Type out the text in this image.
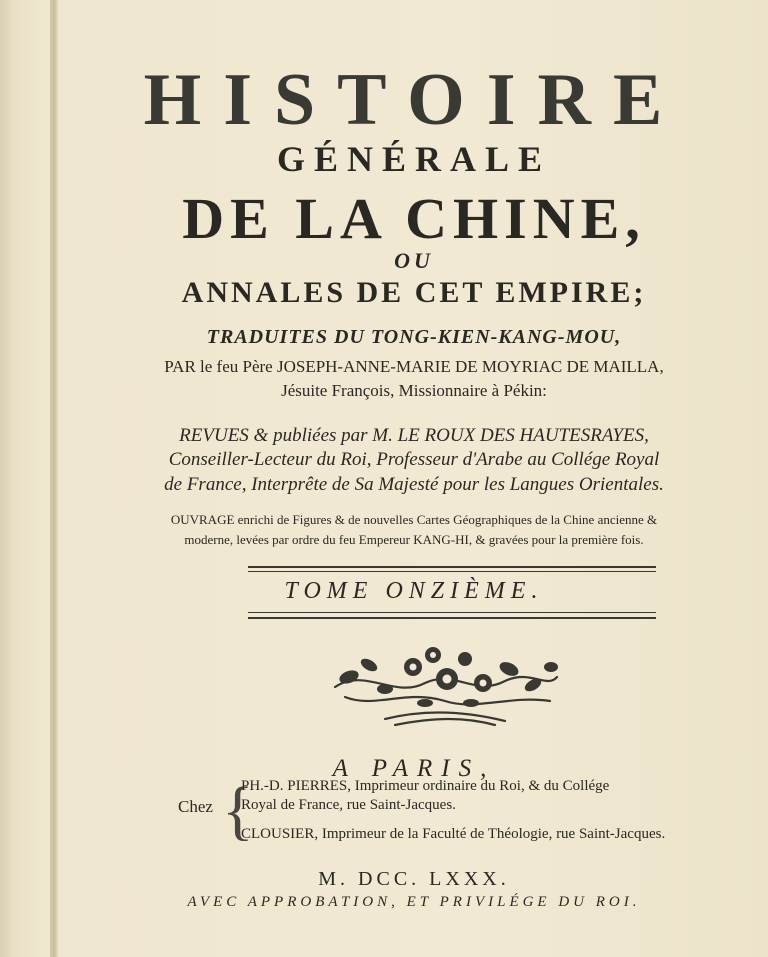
HISTOIRE
GÉNÉRALE
DE LA CHINE,
OU
ANNALES DE CET EMPIRE;
TRADUITES DU TONG-KIEN-KANG-MOU,
PAR le feu Père JOSEPH-ANNE-MARIE DE MOYRIAC DE MAILLA,
Jésuite François, Missionnaire à Pékin:
REVUES & publiées par M. LE ROUX DES HAUTESRAYES,
Conseiller-Lecteur du Roi, Professeur d'Arabe au Collége Royal
de France, Interprête de Sa Majesté pour les Langues Orientales.
OUVRAGE enrichi de Figures & de nouvelles Cartes Géographiques de la Chine ancienne &
moderne, levées par ordre du feu Empereur KANG-HI, & gravées pour la première fois.
TOME ONZIÈME.
A PARIS,
Chez {
PH.-D. PIERRES, Imprimeur ordinaire du Roi, & du Collége
Royal de France, rue Saint-Jacques.
CLOUSIER, Imprimeur de la Faculté de Théologie, rue Saint-Jacques.
M. DCC. LXXX.
AVEC APPROBATION, ET PRIVILÉGE DU ROI.
